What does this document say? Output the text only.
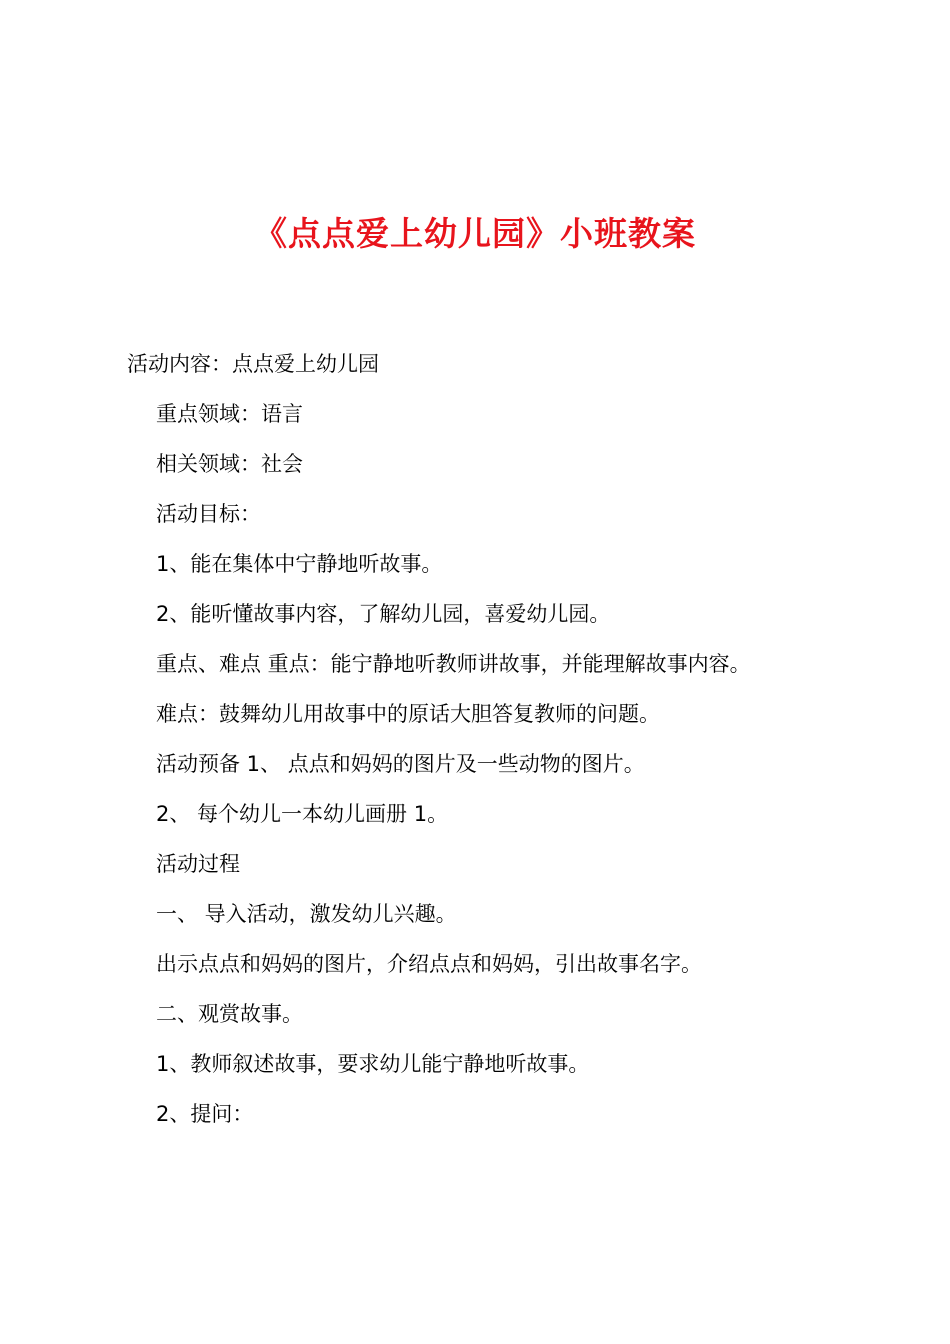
《点点爱上幼儿园》小班教案

活动内容：点点爱上幼儿园

重点领域：语言

相关领域：社会

活动目标：

1、能在集体中宁静地听故事。

2、能听懂故事内容，了解幼儿园，喜爱幼儿园。

重点、难点 重点：能宁静地听教师讲故事，并能理解故事内容。

难点：鼓舞幼儿用故事中的原话大胆答复教师的问题。

活动预备 1、 点点和妈妈的图片及一些动物的图片。

2、 每个幼儿一本幼儿画册 1。

活动过程

一、 导入活动，激发幼儿兴趣。

出示点点和妈妈的图片，介绍点点和妈妈，引出故事名字。

二、观赏故事。

1、教师叙述故事，要求幼儿能宁静地听故事。

2、提问：
